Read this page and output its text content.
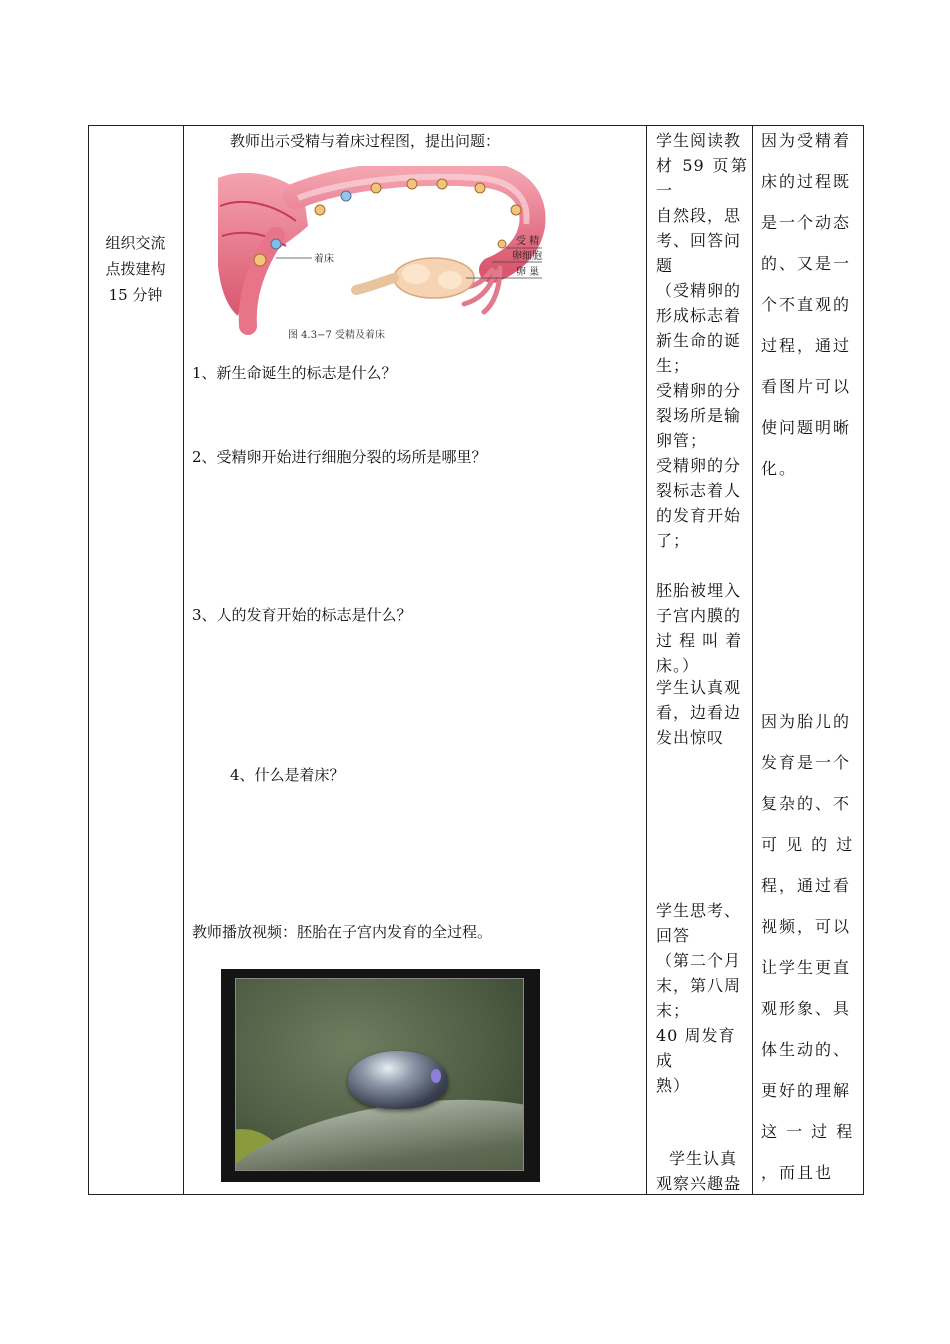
组织交流
点拨建构
15 分钟

教师出示受精与着床过程图，提出问题：
着床
受 精
卵细胞
卵 巢
图 4.3−7 受精及着床
1、新生命诞生的标志是什么？
2、受精卵开始进行细胞分裂的场所是哪里？
3、人的发育开始的标志是什么？
4、什么是着床？
教师播放视频：胚胎在子宫内发育的全过程。

学生阅读教
材 59 页第一
自然段，思
考、回答问
题
（受精卵的
形成标志着
新生命的诞
生；
受精卵的分
裂场所是输
卵管；
受精卵的分
裂标志着人
的发育开始
了；
胚胎被埋入
子宫内膜的
过 程 叫 着
床。）
学生认真观
看，边看边
发出惊叹
学生思考、
回答
（第二个月
末，第八周
末；
40 周发育成
熟）
学生认真
观察兴趣盎

因为受精着
床的过程既
是一个动态
的、又是一
个不直观的
过程，通过
看图片可以
使问题明晰
化。
因为胎儿的
发育是一个
复杂的、不
可 见 的 过
程，通过看
视频，可以
让学生更直
观形象、具
体生动的、
更好的理解
这 一 过 程
，而且也
